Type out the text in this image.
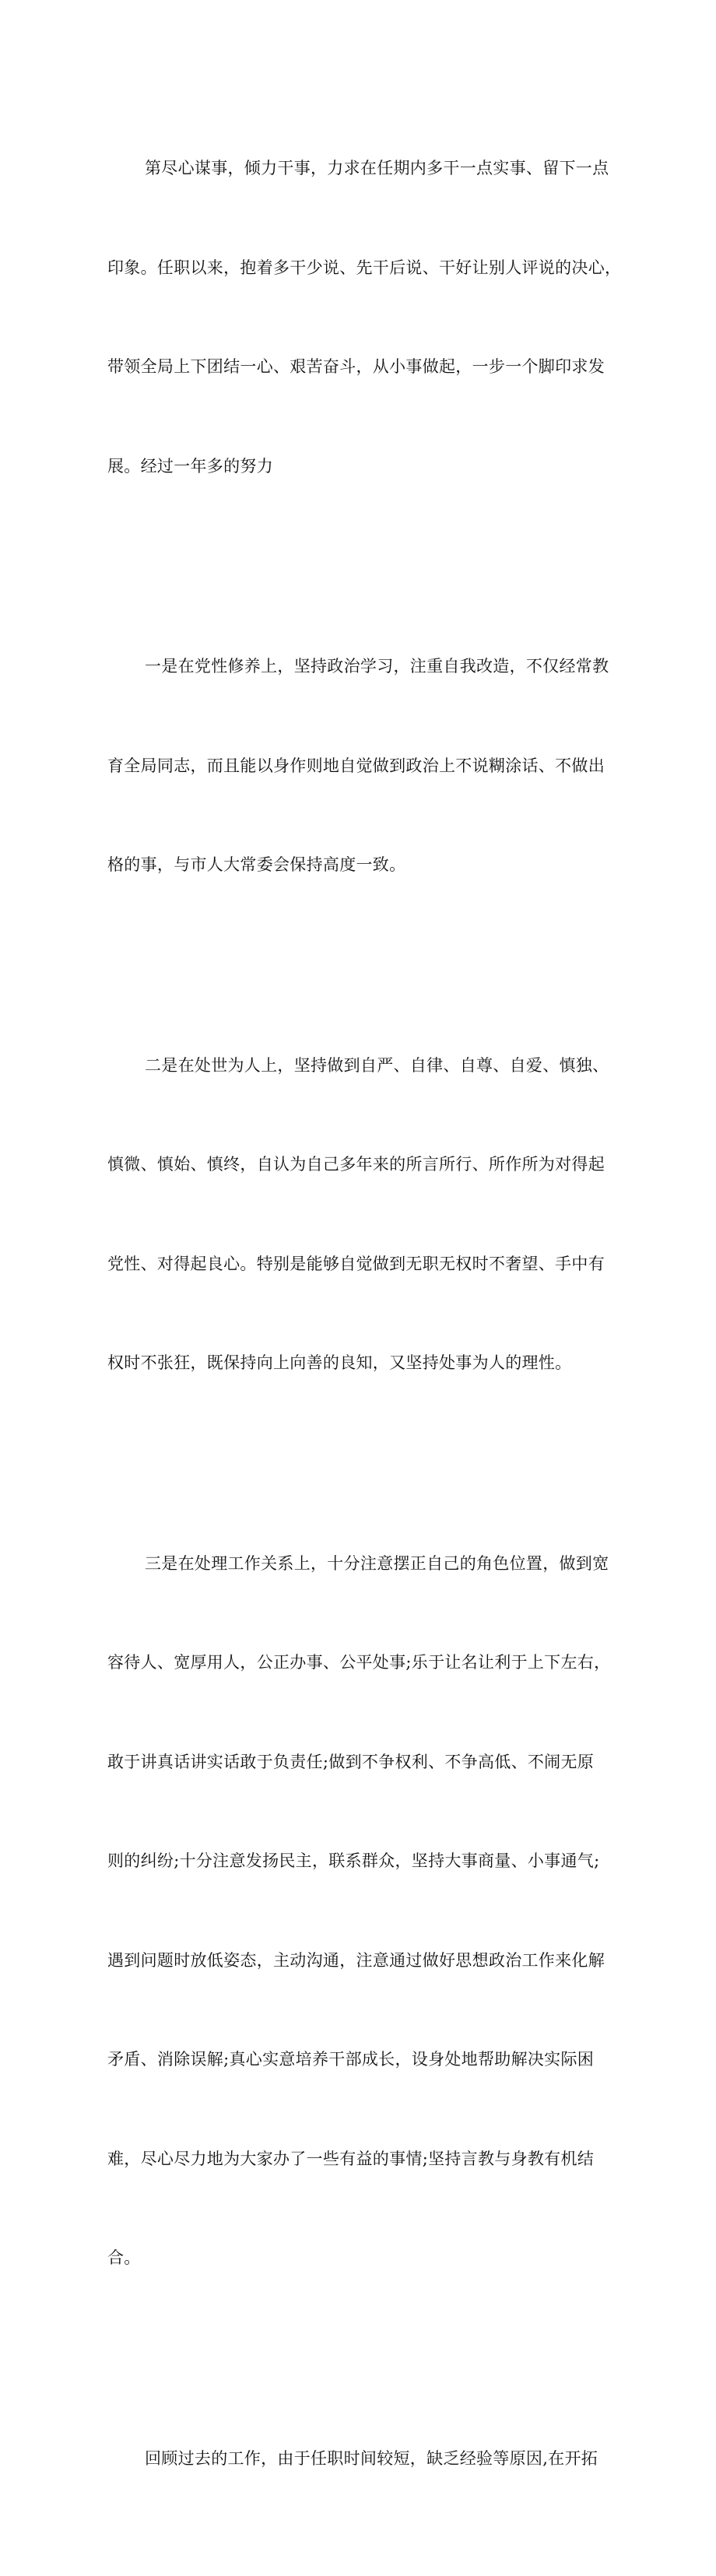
第尽心谋事，倾力干事，力求在任期内多干一点实事、留下一点

印象。任职以来，抱着多干少说、先干后说、干好让别人评说的决心，

带领全局上下团结一心、艰苦奋斗，从小事做起，一步一个脚印求发

展。经过一年多的努力

一是在党性修养上，坚持政治学习，注重自我改造，不仅经常教

育全局同志，而且能以身作则地自觉做到政治上不说糊涂话、不做出

格的事，与市人大常委会保持高度一致。

二是在处世为人上，坚持做到自严、自律、自尊、自爱、慎独、

慎微、慎始、慎终，自认为自己多年来的所言所行、所作所为对得起

党性、对得起良心。特别是能够自觉做到无职无权时不奢望、手中有

权时不张狂，既保持向上向善的良知，又坚持处事为人的理性。

三是在处理工作关系上，十分注意摆正自己的角色位置，做到宽

容待人、宽厚用人，公正办事、公平处事;乐于让名让利于上下左右，

敢于讲真话讲实话敢于负责任;做到不争权利、不争高低、不闹无原

则的纠纷;十分注意发扬民主，联系群众，坚持大事商量、小事通气;

遇到问题时放低姿态，主动沟通，注意通过做好思想政治工作来化解

矛盾、消除误解;真心实意培养干部成长，设身处地帮助解决实际困

难，尽心尽力地为大家办了一些有益的事情;坚持言教与身教有机结

合。

回顾过去的工作，由于任职时间较短，缺乏经验等原因,在开拓
